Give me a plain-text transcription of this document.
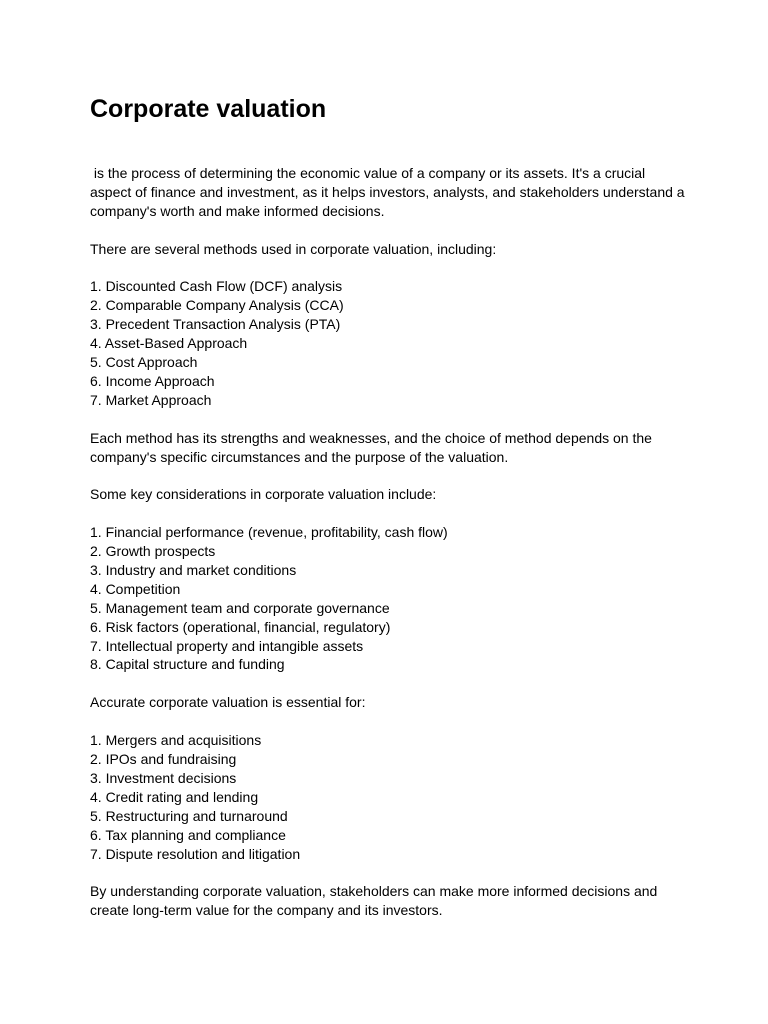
Corporate valuation

is the process of determining the economic value of a company or its assets. It's a crucial aspect of finance and investment, as it helps investors, analysts, and stakeholders understand a company's worth and make informed decisions.

There are several methods used in corporate valuation, including:

1. Discounted Cash Flow (DCF) analysis
2. Comparable Company Analysis (CCA)
3. Precedent Transaction Analysis (PTA)
4. Asset-Based Approach
5. Cost Approach
6. Income Approach
7. Market Approach

Each method has its strengths and weaknesses, and the choice of method depends on the company's specific circumstances and the purpose of the valuation.

Some key considerations in corporate valuation include:

1. Financial performance (revenue, profitability, cash flow)
2. Growth prospects
3. Industry and market conditions
4. Competition
5. Management team and corporate governance
6. Risk factors (operational, financial, regulatory)
7. Intellectual property and intangible assets
8. Capital structure and funding

Accurate corporate valuation is essential for:

1. Mergers and acquisitions
2. IPOs and fundraising
3. Investment decisions
4. Credit rating and lending
5. Restructuring and turnaround
6. Tax planning and compliance
7. Dispute resolution and litigation

By understanding corporate valuation, stakeholders can make more informed decisions and create long-term value for the company and its investors.
